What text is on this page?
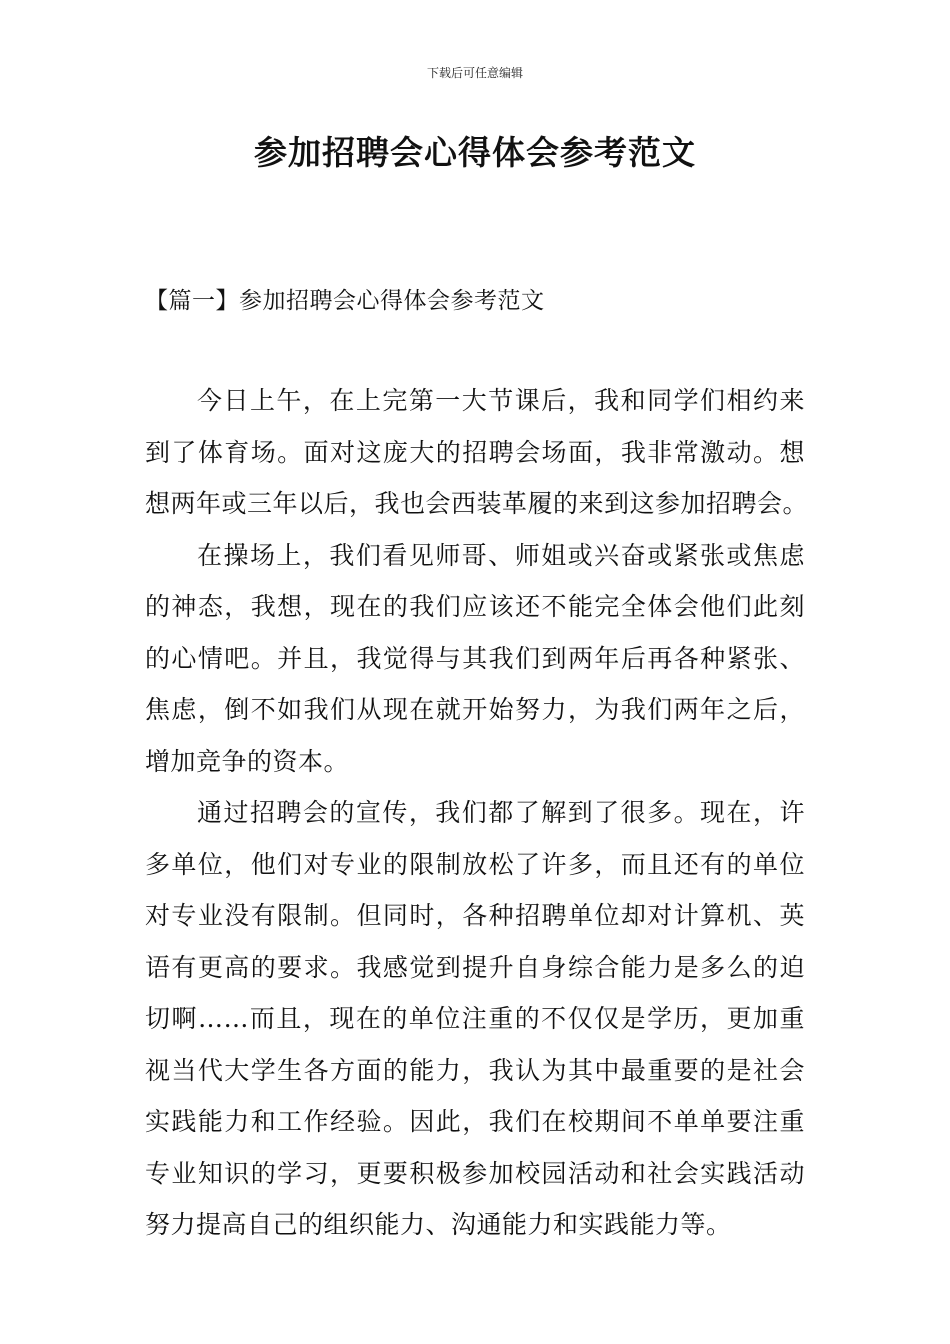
下载后可任意编辑
参加招聘会心得体会参考范文
【篇一】参加招聘会心得体会参考范文
今日上午，在上完第一大节课后，我和同学们相约来
到了体育场。面对这庞大的招聘会场面，我非常激动。想
想两年或三年以后，我也会西装革履的来到这参加招聘会。
在操场上，我们看见师哥、师姐或兴奋或紧张或焦虑
的神态，我想，现在的我们应该还不能完全体会他们此刻
的心情吧。并且，我觉得与其我们到两年后再各种紧张、
焦虑，倒不如我们从现在就开始努力，为我们两年之后，
增加竞争的资本。
通过招聘会的宣传，我们都了解到了很多。现在，许
多单位，他们对专业的限制放松了许多，而且还有的单位
对专业没有限制。但同时，各种招聘单位却对计算机、英
语有更高的要求。我感觉到提升自身综合能力是多么的迫
切啊……而且，现在的单位注重的不仅仅是学历，更加重
视当代大学生各方面的能力，我认为其中最重要的是社会
实践能力和工作经验。因此，我们在校期间不单单要注重
专业知识的学习，更要积极参加校园活动和社会实践活动
努力提高自己的组织能力、沟通能力和实践能力等。
